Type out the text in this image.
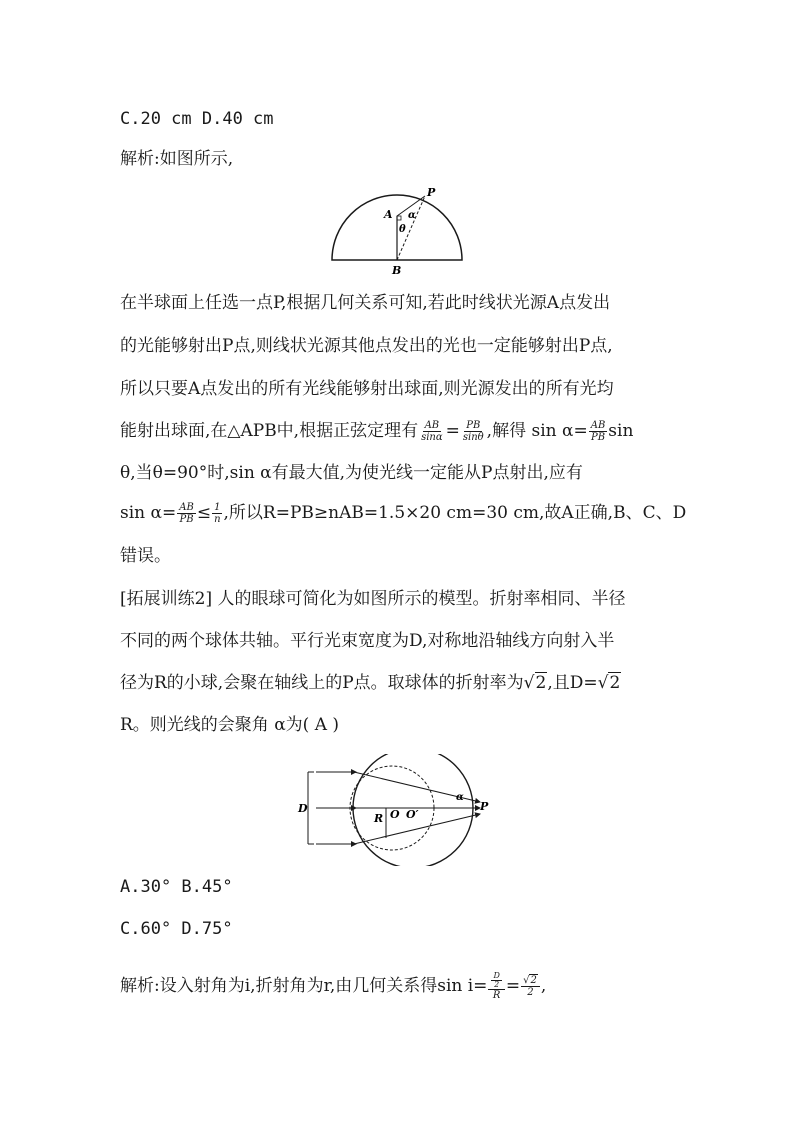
C.20 cm D.40 cm
解析:如图所示,
P
A α
θ
B
在半球面上任选一点P,根据几何关系可知,若此时线状光源A点发出
的光能够射出P点,则线状光源其他点发出的光也一定能够射出P点,
所以只要A点发出的所有光线能够射出球面,则光源发出的所有光均
能射出球面,在△APB中,根据正弦定理有 $\frac{AB}{\sin\alpha} = \frac{PB}{\sin\theta}$ ,解得 $\sin \alpha= \frac{AB}{PB}$ sin
θ,当θ=90°时,sin α有最大值,为使光线一定能从P点射出,应有
$\sin \alpha= \frac{AB}{PB} \le \frac{1}{n}$ ,所以R=PB≥nAB=1.5×20 cm=30 cm,故A正确,B、C、D
错误。
[拓展训练2] 人的眼球可简化为如图所示的模型。折射率相同、半径
不同的两个球体共轴。平行光束宽度为D,对称地沿轴线方向射入半
径为R的小球,会聚在轴线上的P点。取球体的折射率为√2,且D=√2
R。则光线的会聚角 α为( A )
D
R O O′
α
P
A.30° B.45°
C.60° D.75°
解析:设入射角为i,折射角为r,由几何关系得$\sin i= \frac{\frac{D}{2}}{R} = \frac{√2}{2}$ ,
